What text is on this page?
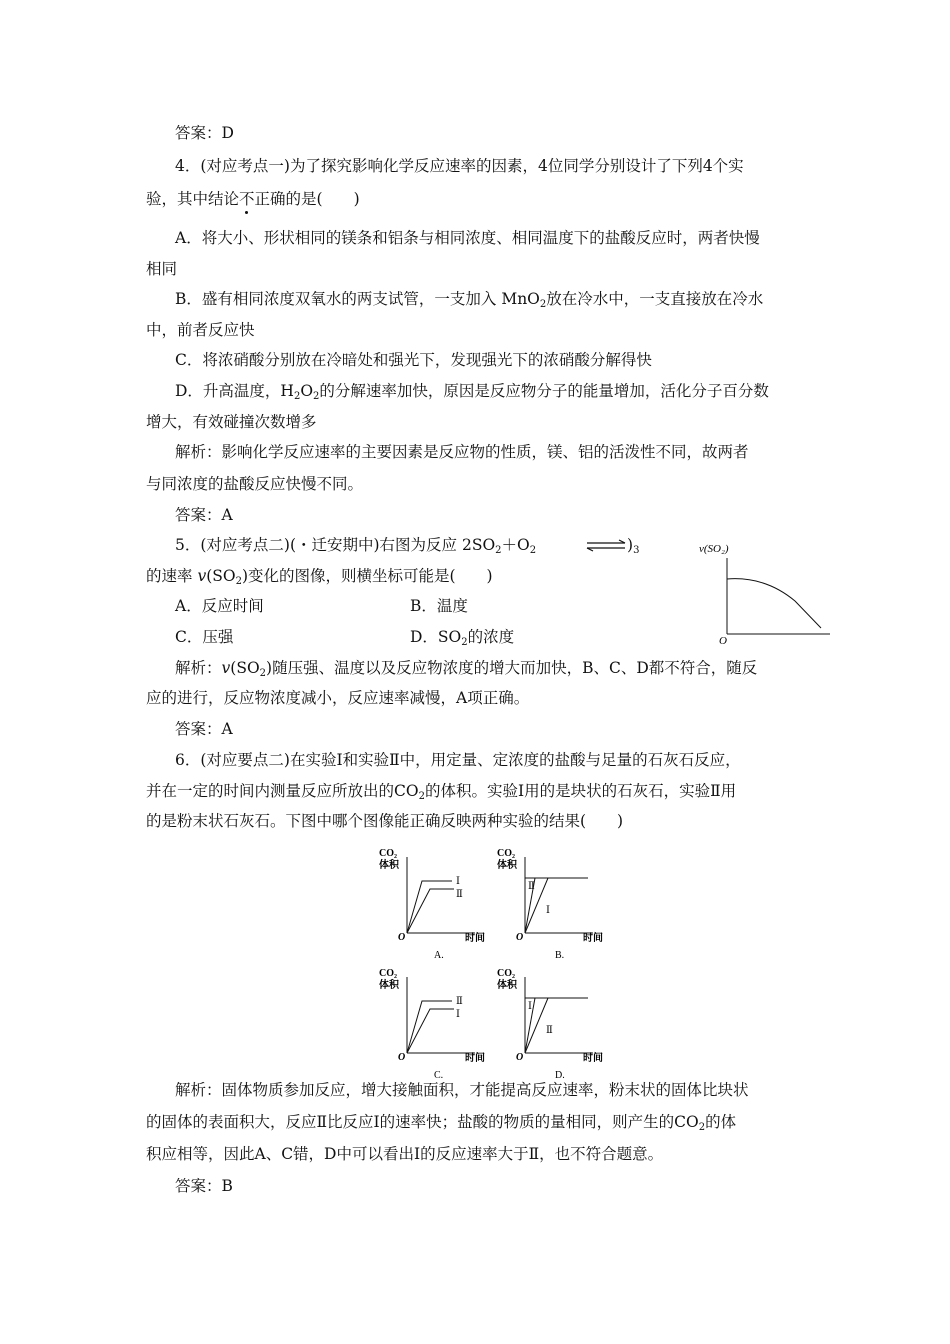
答案：D
4．(对应考点一)为了探究影响化学反应速率的因素，4位同学分别设计了下列4个实
验，其中结论不正确的是(　　)
A．将大小、形状相同的镁条和铝条与相同浓度、相同温度下的盐酸反应时，两者快慢
相同
B．盛有相同浓度双氧水的两支试管，一支加入 MnO$_2$放在冷水中，一支直接放在冷水
中，前者反应快
C．将浓硝酸分别放在冷暗处和强光下，发现强光下的浓硝酸分解得快
D．升高温度，$H_2O_2$的分解速率加快，原因是反应物分子的能量增加，活化分子百分数
增大，有效碰撞次数增多
解析：影响化学反应速率的主要因素是反应物的性质，镁、铝的活泼性不同，故两者
与同浓度的盐酸反应快慢不同。
答案：A
5．(对应考点二)(・迁安期中)右图为反应 $2SO_2+O_2$	)$_3$
的速率 $v(SO_2)$变化的图像，则横坐标可能是(　　)
A．反应时间	B．温度
C．压强	D．$SO_2$的浓度
v(SO₂)
O
解析：$v(SO_2)$随压强、温度以及反应物浓度的增大而加快，B、C、D都不符合，随反
应的进行，反应物浓度减小，反应速率减慢，A项正确。
答案：A
6．(对应要点二)在实验Ⅰ和实验Ⅱ中，用定量、定浓度的盐酸与足量的石灰石反应，
并在一定的时间内测量反应所放出的$CO_2$的体积。实验Ⅰ用的是块状的石灰石，实验Ⅱ用
的是粉末状石灰石。下图中哪个图像能正确反映两种实验的结果(　　)
CO₂
体积
Ⅰ
Ⅱ
O	时间
A.
CO₂
体积
Ⅱ
Ⅰ
O	时间
B.
CO₂
体积
Ⅱ
Ⅰ
O	时间
C.
CO₂
体积
Ⅰ
Ⅱ
O	时间
D.
解析：固体物质参加反应，增大接触面积，才能提高反应速率，粉末状的固体比块状
的固体的表面积大，反应Ⅱ比反应Ⅰ的速率快；盐酸的物质的量相同，则产生的$CO_2$的体
积应相等，因此A、C错，D中可以看出Ⅰ的反应速率大于Ⅱ，也不符合题意。
答案：B
